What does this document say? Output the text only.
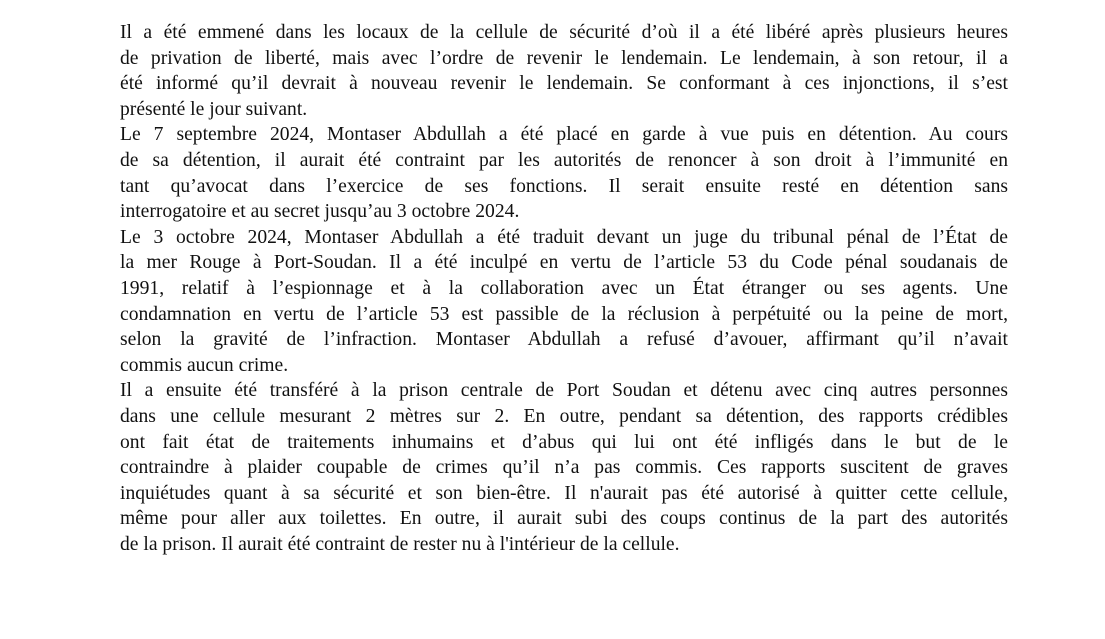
Il a été emmené dans les locaux de la cellule de sécurité d’où il a été libéré après plusieurs heures
de privation de liberté, mais avec l’ordre de revenir le lendemain. Le lendemain, à son retour, il a
été informé qu’il devrait à nouveau revenir le lendemain. Se conformant à ces injonctions, il s’est
présenté le jour suivant.

Le 7 septembre 2024, Montaser Abdullah a été placé en garde à vue puis en détention. Au cours
de sa détention, il aurait été contraint par les autorités de renoncer à son droit à l’immunité en
tant qu’avocat dans l’exercice de ses fonctions. Il serait ensuite resté en détention sans
interrogatoire et au secret jusqu’au 3 octobre 2024.

Le 3 octobre 2024, Montaser Abdullah a été traduit devant un juge du tribunal pénal de l’État de
la mer Rouge à Port-Soudan. Il a été inculpé en vertu de l’article 53 du Code pénal soudanais de
1991, relatif à l’espionnage et à la collaboration avec un État étranger ou ses agents. Une
condamnation en vertu de l’article 53 est passible de la réclusion à perpétuité ou la peine de mort,
selon la gravité de l’infraction. Montaser Abdullah a refusé d’avouer, affirmant qu’il n’avait
commis aucun crime.

Il a ensuite été transféré à la prison centrale de Port Soudan et détenu avec cinq autres personnes
dans une cellule mesurant 2 mètres sur 2. En outre, pendant sa détention, des rapports crédibles
ont fait état de traitements inhumains et d’abus qui lui ont été infligés dans le but de le
contraindre à plaider coupable de crimes qu’il n’a pas commis. Ces rapports suscitent de graves
inquiétudes quant à sa sécurité et son bien-être. Il n'aurait pas été autorisé à quitter cette cellule,
même pour aller aux toilettes. En outre, il aurait subi des coups continus de la part des autorités
de la prison. Il aurait été contraint de rester nu à l'intérieur de la cellule.
